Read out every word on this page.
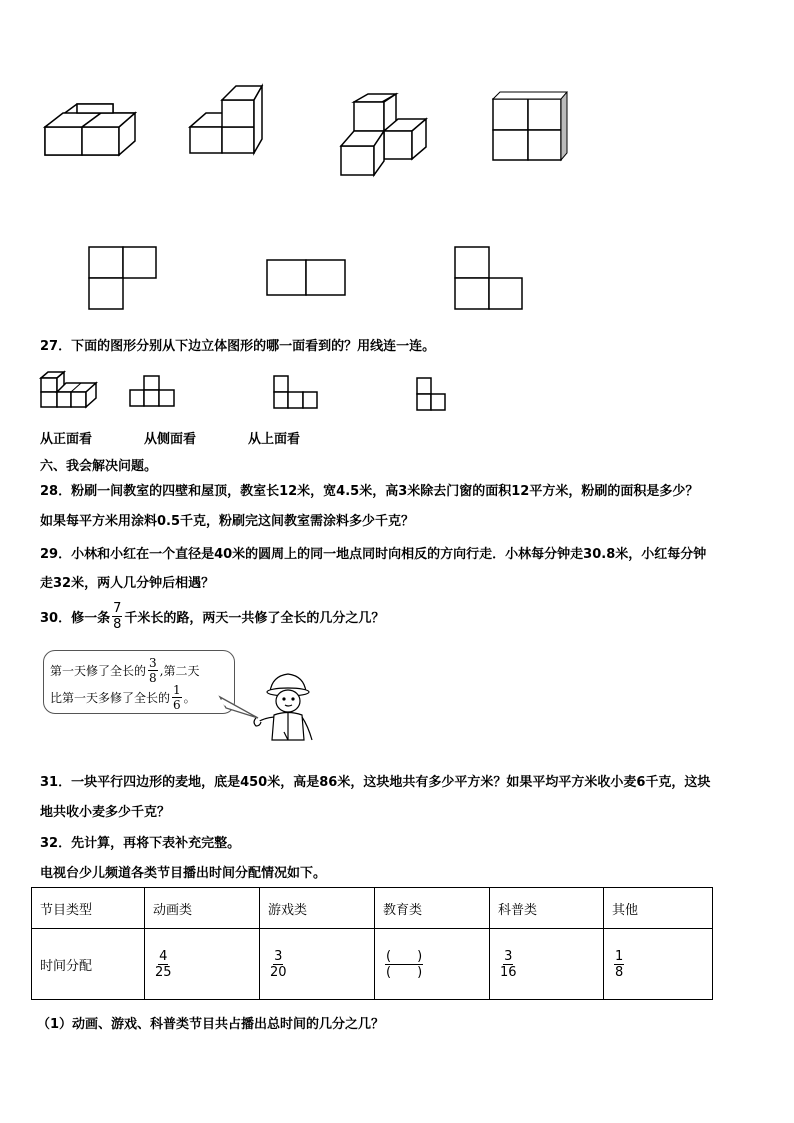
27．下面的图形分别从下边立体图形的哪一面看到的？用线连一连。
从正面看	从侧面看	从上面看
六、我会解决问题。
28．粉刷一间教室的四壁和屋顶，教室长12米，宽4.5米，高3米除去门窗的面积12平方米，粉刷的面积是多少？
如果每平方米用涂料0.5千克，粉刷完这间教室需涂料多少千克？
29．小林和小红在一个直径是40米的圆周上的同一地点同时向相反的方向行走．小林每分钟走30.8米，小红每分钟
走32米，两人几分钟后相遇？
30．修一条 $\frac{7}{8}$ 千米长的路，两天一共修了全长的几分之几？
第一天修了全长的 $\frac{3}{8}$ ,第二天
比第一天多修了全长的 $\frac{1}{6}$ 。
31．一块平行四边形的麦地，底是450米，高是86米，这块地共有多少平方米？如果平均平方米收小麦6千克，这块
地共收小麦多少千克？
32．先计算，再将下表补充完整。
电视台少儿频道各类节目播出时间分配情况如下。
节目类型	动画类	游戏类	教育类	科普类	其他
时间分配	$\frac{4}{25}$	$\frac{3}{20}$	$\frac{( )}{( )}$	$\frac{3}{16}$	$\frac{1}{8}$
（1）动画、游戏、科普类节目共占播出总时间的几分之几？
